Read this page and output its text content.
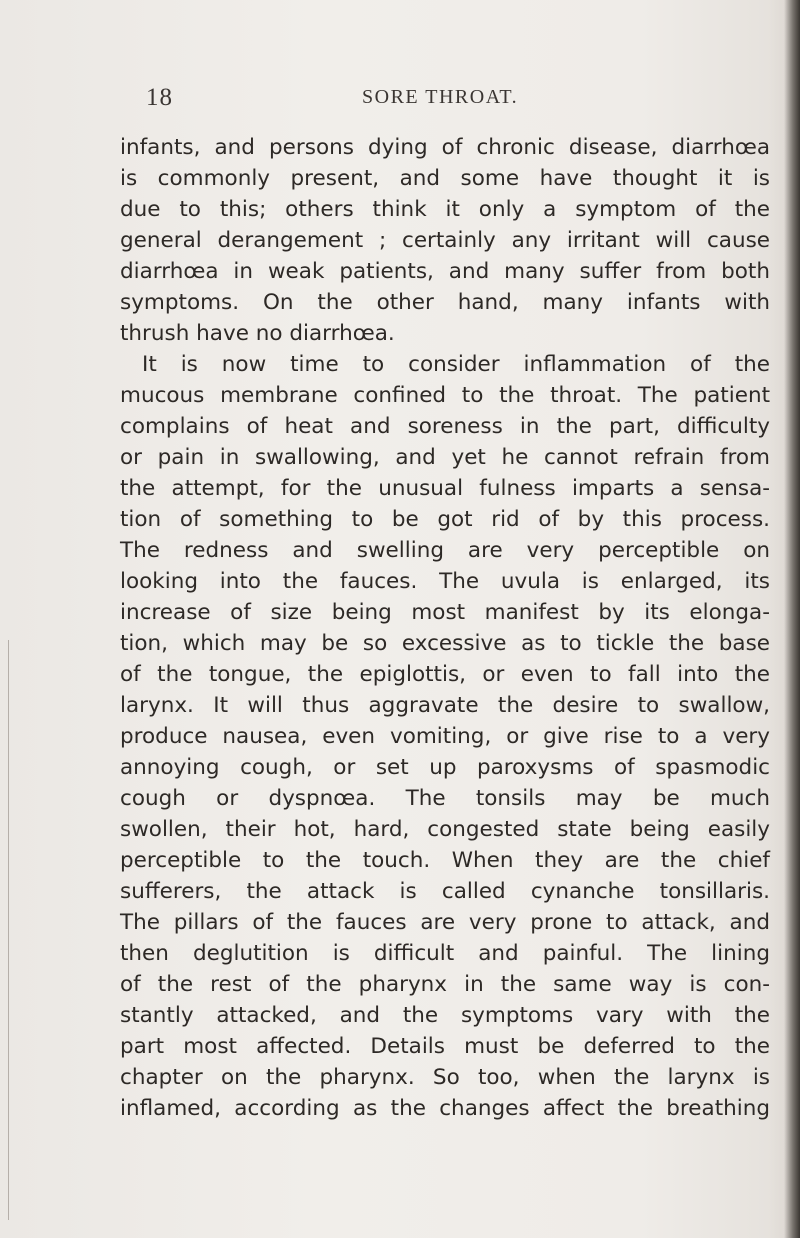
18	SORE THROAT.
infants, and persons dying of chronic disease, diarrhœa
is commonly present, and some have thought it is
due to this; others think it only a symptom of the
general derangement ; certainly any irritant will cause
diarrhœa in weak patients, and many suffer from both
symptoms. On the other hand, many infants with
thrush have no diarrhœa.
It is now time to consider inflammation of the
mucous membrane confined to the throat. The patient
complains of heat and soreness in the part, difficulty
or pain in swallowing, and yet he cannot refrain from
the attempt, for the unusual fulness imparts a sensa-
tion of something to be got rid of by this process.
The redness and swelling are very perceptible on
looking into the fauces. The uvula is enlarged, its
increase of size being most manifest by its elonga-
tion, which may be so excessive as to tickle the base
of the tongue, the epiglottis, or even to fall into the
larynx. It will thus aggravate the desire to swallow,
produce nausea, even vomiting, or give rise to a very
annoying cough, or set up paroxysms of spasmodic
cough or dyspnœa. The tonsils may be much
swollen, their hot, hard, congested state being easily
perceptible to the touch. When they are the chief
sufferers, the attack is called cynanche tonsillaris.
The pillars of the fauces are very prone to attack, and
then deglutition is difficult and painful. The lining
of the rest of the pharynx in the same way is con-
stantly attacked, and the symptoms vary with the
part most affected. Details must be deferred to the
chapter on the pharynx. So too, when the larynx is
inflamed, according as the changes affect the breathing
